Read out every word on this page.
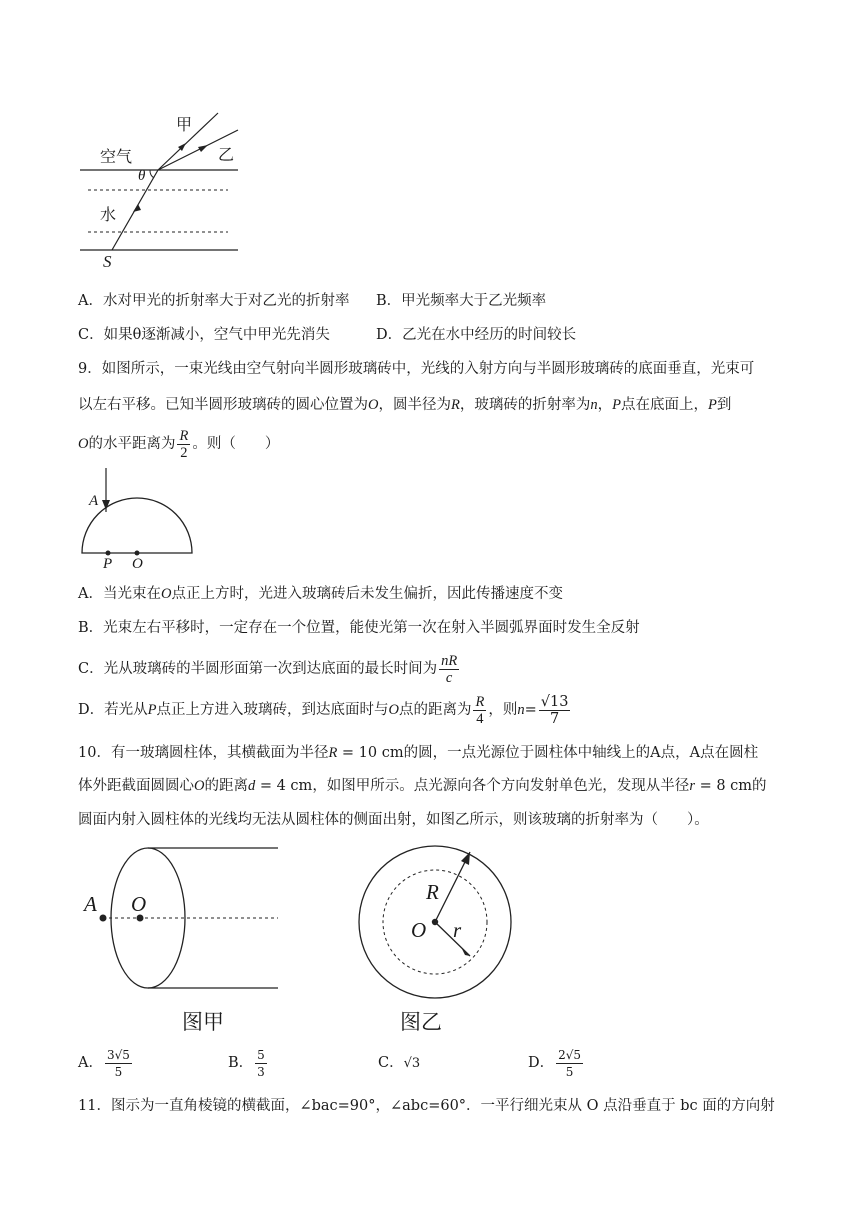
甲
乙
空气
θ
水
S
A．水对甲光的折射率大于对乙光的折射率 B．甲光频率大于乙光频率
C．如果θ逐渐减小，空气中甲光先消失	D．乙光在水中经历的时间较长
9．如图所示，一束光线由空气射向半圆形玻璃砖中，光线的入射方向与半圆形玻璃砖的底面垂直，光束可
以左右平移。已知半圆形玻璃砖的圆心位置为O，圆半径为R，玻璃砖的折射率为n，P点在底面上，P到
O的水平距离为 $\frac{R}{2}$ 。则（　　）
A
P O
A．当光束在O点正上方时，光进入玻璃砖后未发生偏折，因此传播速度不变
B．光束左右平移时，一定存在一个位置，能使光第一次在射入半圆弧界面时发生全反射
C．光从玻璃砖的半圆形面第一次到达底面的最长时间为 $\frac{nR}{c}$
D．若光从P点正上方进入玻璃砖，到达底面时与O点的距离为 $\frac{R}{4}$ ，则$n= \frac{√13}{7}$
10．有一玻璃圆柱体，其横截面为半径R = 10 cm的圆，一点光源位于圆柱体中轴线上的A点，A点在圆柱
体外距截面圆圆心O的距离d = 4 cm，如图甲所示。点光源向各个方向发射单色光，发现从半径r = 8 cm的
圆面内射入圆柱体的光线均无法从圆柱体的侧面出射，如图乙所示，则该玻璃的折射率为（　　）。
A O
图甲
R
O r
图乙
A． $\frac{3√5}{5}$	B． $\frac{5}{3}$	C．√3	D． $\frac{2√5}{5}$
11．图示为一直角棱镜的横截面，∠bac=90°，∠abc=60°．一平行细光束从 O 点沿垂直于 bc 面的方向射
